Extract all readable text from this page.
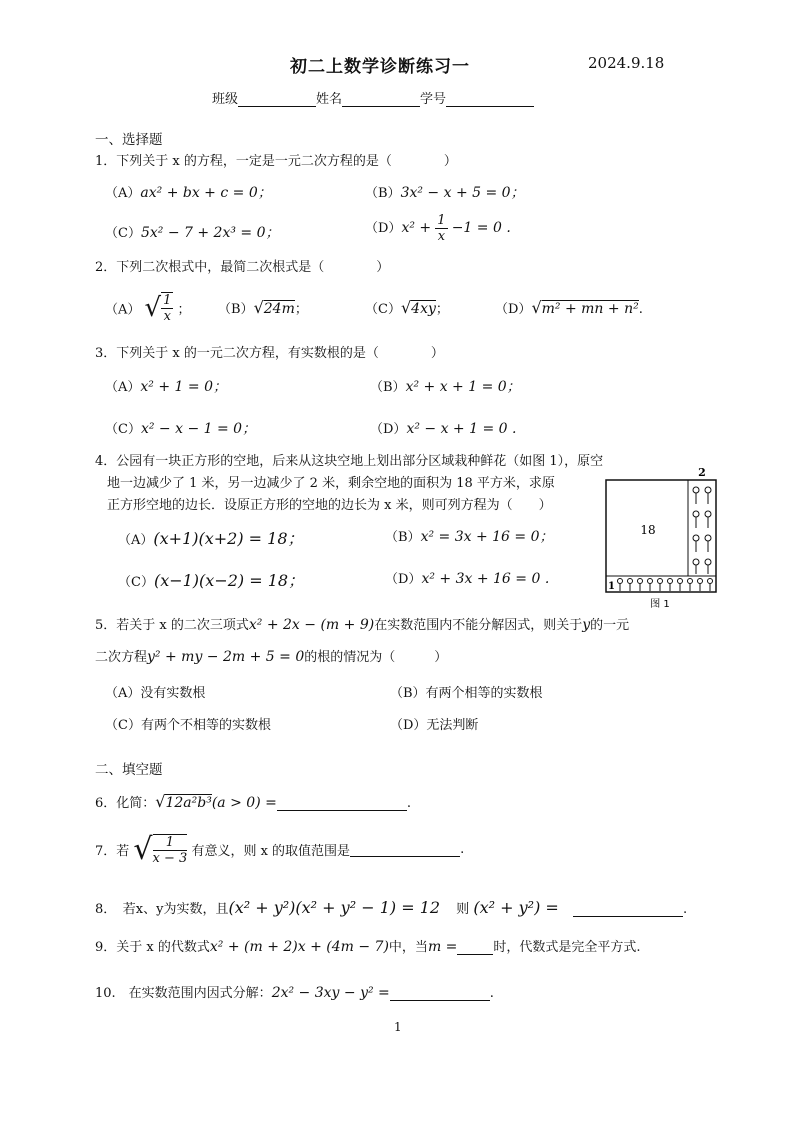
初二上数学诊断练习一	2024.9.18
班级	姓名	学号
一、选择题
1．下列关于 x 的方程，一定是一元二次方程的是（　　　　）
（A）ax² + bx + c = 0；	（B）3x² − x + 5 = 0；
（C）5x² − 7 + 2x³ = 0；	$(D)x^2 + \frac{1}{x} -1 = 0$ .
2．下列二次根式中，最简二次根式是（　　　　）
（A） √ $\frac{1}{x}$ ； （B）√24m；	（C）√4xy；	（D）√m² + mn + n².
3．下列关于 x 的一元二次方程，有实数根的是（　　　　）
（A）x² + 1 = 0；	（B）x² + x + 1 = 0；
（C）x² − x − 1 = 0；	（D）x² − x + 1 = 0 .
4．公园有一块正方形的空地，后来从这块空地上划出部分区域栽种鲜花（如图 1），原空
地一边减少了 1 米，另一边减少了 2 米，剩余空地的面积为 18 平方米，求原
正方形空地的边长．设原正方形的空地的边长为 x 米，则可列方程为（　　）
（A）(x+1)(x+2) = 18；	（B）x² = 3x + 16 = 0；
（C）(x−1)(x−2) = 18；	（D）x² + 3x + 16 = 0 .
2
18
1
图 1
5．若关于 x 的二次三项式x² + 2x − (m + 9)在实数范围内不能分解因式，则关于y的一元
二次方程y² + my − 2m + 5 = 0的根的情况为（　　　）
（A）没有实数根	（B）有两个相等的实数根
（C）有两个不相等的实数根	（D）无法判断
二、填空题
6．化简：√12a²b³(a > 0) =	.
7．若 √ $\frac{1}{x - 3}$ 有意义，则 x 的取值范围是	.
8．　若x、y为实数，且(x² + y²)(x² + y² − 1) = 12 则 (x² + y²) =	.
9．关于 x 的代数式x² + (m + 2)x + (4m − 7)中，当m =	时，代数式是完全平方式.
10.　在实数范围内因式分解：2x² − 3xy − y² =	.
1
